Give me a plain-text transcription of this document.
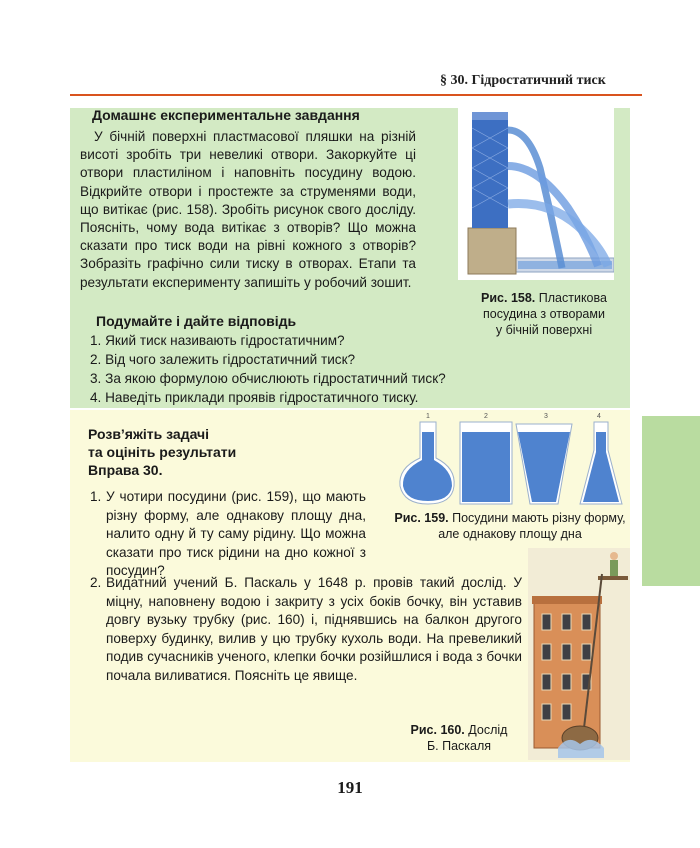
§ 30. Гідростатичний тиск
Домашнє експериментальне завдання

У бічній поверхні пластмасової пляшки на різній висоті зробіть три невеликі отвори. Закоркуйте ці отвори пластиліном і наповніть посудину водою. Відкрийте отвори і простежте за струменями води, що витікає (рис. 158). Зробіть рисунок свого досліду. Поясніть, чому вода витікає з отворів? Що можна сказати про тиск води на рівні кожного з отворів? Зобразіть графічно сили тиску в отворах. Етапи та результати експерименту запишіть у робочий зошит.

Рис. 158. Пластикова
посудина з отворами
у бічній поверхні
Подумайте і дайте відповідь
1. Який тиск називають гідростатичним?
2. Від чого залежить гідростатичний тиск?
3. За якою формулою обчислюють гідростатичний тиск?
4. Наведіть приклади проявів гідростатичного тиску.
Розв’яжіть задачі
та оцініть результати
Вправа 30.
1	2	3	4
Рис. 159. Посудини мають різну форму,
але однакову площу дна
1. У чотири посудини (рис. 159), що мають різну форму, але однакову площу дна, налито одну й ту саму рідину. Що можна сказати про тиск рідини на дно кожної з посудин?
2. Видатний учений Б. Паскаль у 1648 р. провів такий дослід. У міцну, наповнену водою і закриту з усіх боків бочку, він уставив довгу вузьку трубку (рис. 160) і, піднявшись на балкон другого поверху будинку, вилив у цю трубку кухоль води. На превеликий подив сучасників ученого, клепки бочки розійшлися і вода з бочки почала виливатися. Поясніть це явище.
Рис. 160. Дослід
Б. Паскаля
191
